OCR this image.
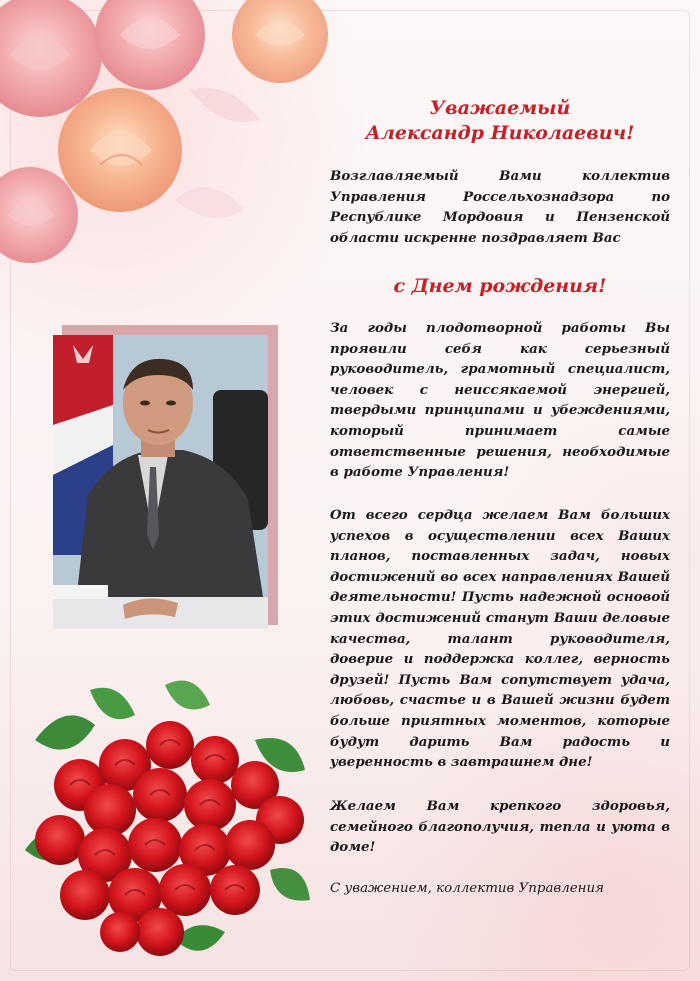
Уважаемый
Александр Николаевич!

Возглавляемый Вами коллектив Управления Россельхознадзора по Республике Мордовия и Пензенской области искренне поздравляет Вас

с Днем рождения!

За годы плодотворной работы Вы проявили себя как серьезный руководитель, грамотный специалист, человек с неиссякаемой энергией, твердыми принципами и убеждениями, который принимает самые ответственные решения, необходимые в работе Управления!

От всего сердца желаем Вам больших успехов в осуществлении всех Ваших планов, поставленных задач, новых достижений во всех направлениях Вашей деятельности! Пусть надежной основой этих достижений станут Ваши деловые качества, талант руководителя, доверие и поддержка коллег, верность друзей! Пусть Вам сопутствует удача, любовь, счастье и в Вашей жизни будет больше приятных моментов, которые будут дарить Вам радость и уверенность в завтрашнем дне!

Желаем Вам крепкого здоровья, семейного благополучия, тепла и уюта в доме!

С уважением, коллектив Управления
